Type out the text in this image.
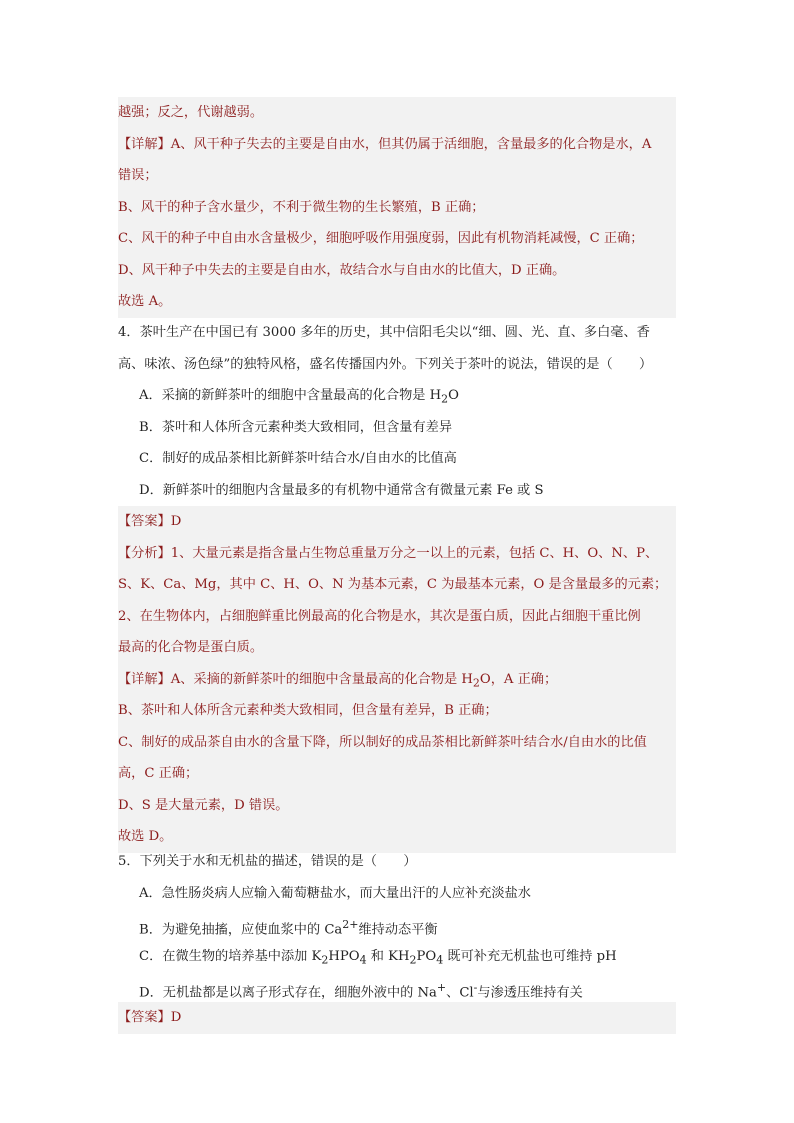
越强；反之，代谢越弱。
【详解】A、风干种子失去的主要是自由水，但其仍属于活细胞，含量最多的化合物是水，A
错误；
B、风干的种子含水量少，不利于微生物的生长繁殖，B 正确；
C、风干的种子中自由水含量极少，细胞呼吸作用强度弱，因此有机物消耗减慢，C 正确；
D、风干种子中失去的主要是自由水，故结合水与自由水的比值大，D 正确。
故选 A。
4．茶叶生产在中国已有 3000 多年的历史，其中信阳毛尖以“细、圆、光、直、多白毫、香
高、味浓、汤色绿”的独特风格，盛名传播国内外。下列关于茶叶的说法，错误的是（　　）
A．采摘的新鲜茶叶的细胞中含量最高的化合物是 $H_2O$
B．茶叶和人体所含元素种类大致相同，但含量有差异
C．制好的成品茶相比新鲜茶叶结合水/自由水的比值高
D．新鲜茶叶的细胞内含量最多的有机物中通常含有微量元素 Fe 或 S
【答案】D
【分析】1、大量元素是指含量占生物总重量万分之一以上的元素，包括 C、H、O、N、P、
S、K、Ca、Mg，其中 C、H、O、N 为基本元素，C 为最基本元素，O 是含量最多的元素；
2、在生物体内，占细胞鲜重比例最高的化合物是水，其次是蛋白质，因此占细胞干重比例
最高的化合物是蛋白质。
【详解】A、采摘的新鲜茶叶的细胞中含量最高的化合物是 $H_2O$，A 正确；
B、茶叶和人体所含元素种类大致相同，但含量有差异，B 正确；
C、制好的成品茶自由水的含量下降，所以制好的成品茶相比新鲜茶叶结合水/自由水的比值
高，C 正确；
D、S 是大量元素，D 错误。
故选 D。
5．下列关于水和无机盐的描述，错误的是（　　）
A．急性肠炎病人应输入葡萄糖盐水，而大量出汗的人应补充淡盐水
B．为避免抽搐，应使血浆中的 $Ca^{2+}$维持动态平衡
C．在微生物的培养基中添加 $K_2HPO_4$ 和 $KH_2PO_4$ 既可补充无机盐也可维持 pH
D．无机盐都是以离子形式存在，细胞外液中的 Na+、Cl-与渗透压维持有关
【答案】D
